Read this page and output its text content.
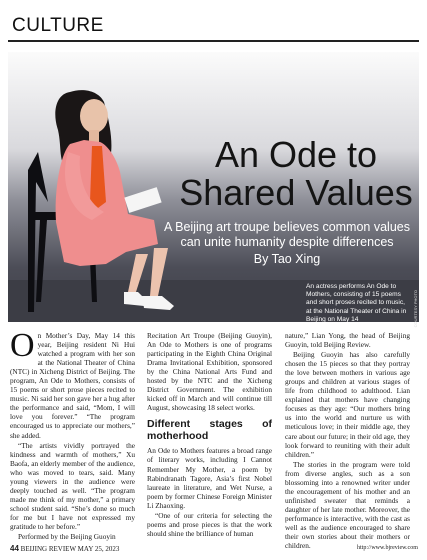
CULTURE
An Ode to
Shared Values
A Beijing art troupe believes common values can unite humanity despite differences
By Tao Xing
An actress performs An Ode to Mothers, consisting of 15 poems and short proses recited to music, at the National Theater of China in Beijing on May 14	COURTESY PHOTO

On Mother’s Day, May 14 this year, Beijing resident Ni Hui watched a program with her son at the National Theater of China (NTC) in Xicheng District of Beijing. The program, An Ode to Mothers, consists of 15 poems or short prose pieces recited to music. Ni said her son gave her a hug after the performance and said, “Mom, I will love you forever.” “The program encouraged us to appreciate our mothers,” she added.

“The artists vividly portrayed the kindness and warmth of mothers,” Xu Baofa, an elderly member of the audience, who was moved to tears, said. Many young viewers in the audience were deeply touched as well. “The program made me think of my mother,” a primary school student said. “She’s done so much for me but I have not expressed my gratitude to her before.”

Performed by the Beijing Guoyin

Recitation Art Troupe (Beijing Guoyin), An Ode to Mothers is one of programs participating in the Eighth China Original Drama Invitational Exhibition, sponsored by the China National Arts Fund and hosted by the NTC and the Xicheng District Government. The exhibition kicked off in March and will continue till August, showcasing 18 select works.

Different stages of motherhood

An Ode to Mothers features a broad range of literary works, including I Cannot Remember My Mother, a poem by Rabindranath Tagore, Asia’s first Nobel laureate in literature, and Wet Nurse, a poem by former Chinese Foreign Minister Li Zhaoxing.

“One of our criteria for selecting the poems and prose pieces is that the work should shine the brilliance of human

nature,” Lian Yong, the head of Beijing Guoyin, told Beijing Review.

Beijing Guoyin has also carefully chosen the 15 pieces so that they portray the love between mothers in various age groups and children at various stages of life from childhood to adulthood. Lian explained that mothers have changing focuses as they age: “Our mothers bring us into the world and nurture us with meticulous love; in their middle age, they care about our future; in their old age, they look forward to reuniting with their adult children.”

The stories in the program were told from diverse angles, such as a son blossoming into a renowned writer under the encouragement of his mother and an unfinished sweater that reminds a daughter of her late mother. Moreover, the performance is interactive, with the cast as well as the audience encouraged to share their own stories about their mothers or children.

44 BEIJING REVIEW MAY 25, 2023	http://www.bjreview.com
